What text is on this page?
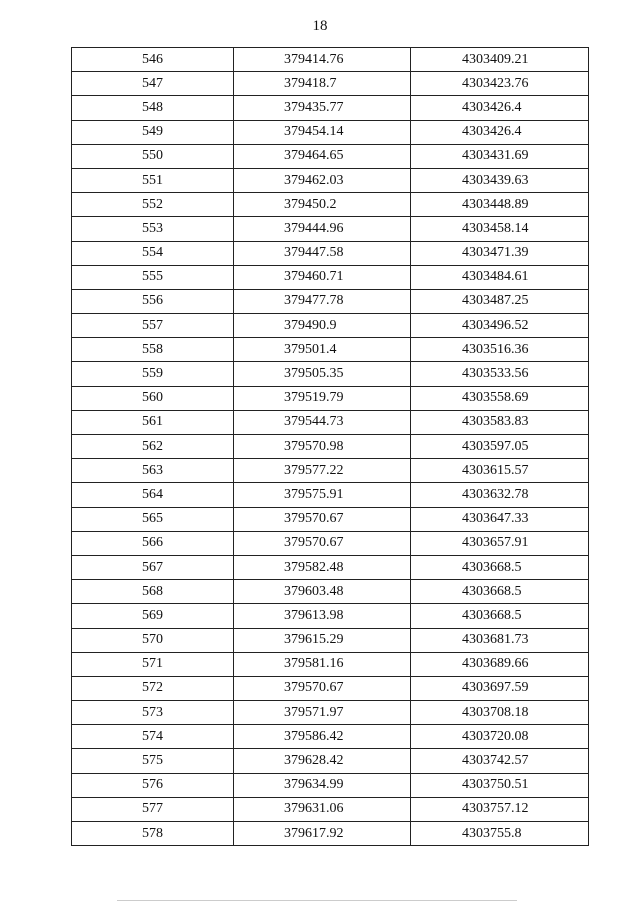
18
546	379414.76	4303409.21
547	379418.7	4303423.76
548	379435.77	4303426.4
549	379454.14	4303426.4
550	379464.65	4303431.69
551	379462.03	4303439.63
552	379450.2	4303448.89
553	379444.96	4303458.14
554	379447.58	4303471.39
555	379460.71	4303484.61
556	379477.78	4303487.25
557	379490.9	4303496.52
558	379501.4	4303516.36
559	379505.35	4303533.56
560	379519.79	4303558.69
561	379544.73	4303583.83
562	379570.98	4303597.05
563	379577.22	4303615.57
564	379575.91	4303632.78
565	379570.67	4303647.33
566	379570.67	4303657.91
567	379582.48	4303668.5
568	379603.48	4303668.5
569	379613.98	4303668.5
570	379615.29	4303681.73
571	379581.16	4303689.66
572	379570.67	4303697.59
573	379571.97	4303708.18
574	379586.42	4303720.08
575	379628.42	4303742.57
576	379634.99	4303750.51
577	379631.06	4303757.12
578	379617.92	4303755.8
